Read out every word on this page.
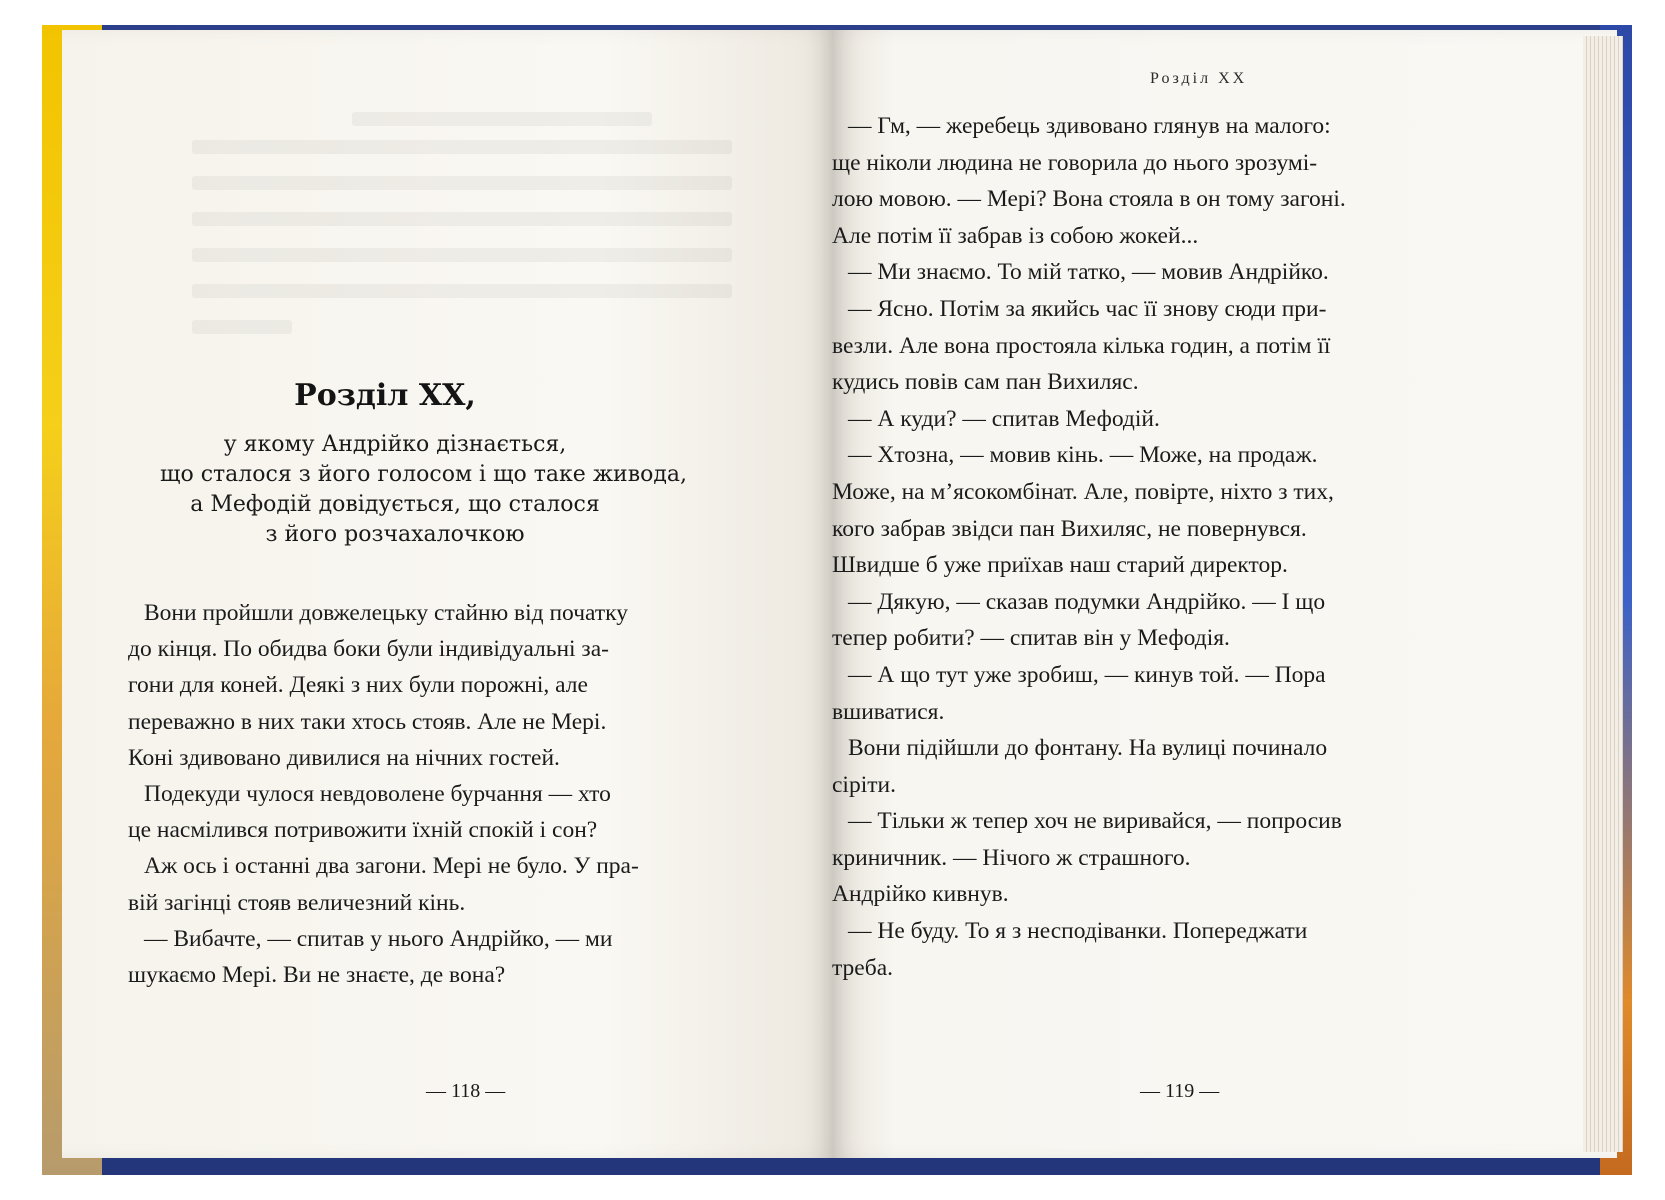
Розділ XX,
у якому Андрійко дізнається,
що сталося з його голосом і що таке живода,
а Мефодій довідується, що сталося
з його розчахалочкою
Вони пройшли довжелецьку стайню від початку
до кінця. По обидва боки були індивідуальні за-
гони для коней. Деякі з них були порожні, але
переважно в них таки хтось стояв. Але не Мері.
Коні здивовано дивилися на нічних гостей.
Подекуди чулося невдоволене бурчання — хто
це насмілився потривожити їхній спокій і сон?
Аж ось і останні два загони. Мері не було. У пра-
вій загінці стояв величезний кінь.
— Вибачте, — спитав у нього Андрійко, — ми
шукаємо Мері. Ви не знаєте, де вона?
— 118 —
Розділ XX
— Гм, — жеребець здивовано глянув на малого:
ще ніколи людина не говорила до нього зрозумі-
лою мовою. — Мері? Вона стояла в он тому загоні.
Але потім її забрав із собою жокей...
— Ми знаємо. То мій татко, — мовив Андрійко.
— Ясно. Потім за якийсь час її знову сюди при-
везли. Але вона простояла кілька годин, а потім її
кудись повів сам пан Вихиляс.
— А куди? — спитав Мефодій.
— Хтозна, — мовив кінь. — Може, на продаж.
Може, на м’ясокомбінат. Але, повірте, ніхто з тих,
кого забрав звідси пан Вихиляс, не повернувся.
Швидше б уже приїхав наш старий директор.
— Дякую, — сказав подумки Андрійко. — І що
тепер робити? — спитав він у Мефодія.
— А що тут уже зробиш, — кинув той. — Пора
вшиватися.
Вони підійшли до фонтану. На вулиці починало
сіріти.
— Тільки ж тепер хоч не виривайся, — попросив
криничник. — Нічого ж страшного.
Андрійко кивнув.
— Не буду. То я з несподіванки. Попереджати
треба.
— 119 —
